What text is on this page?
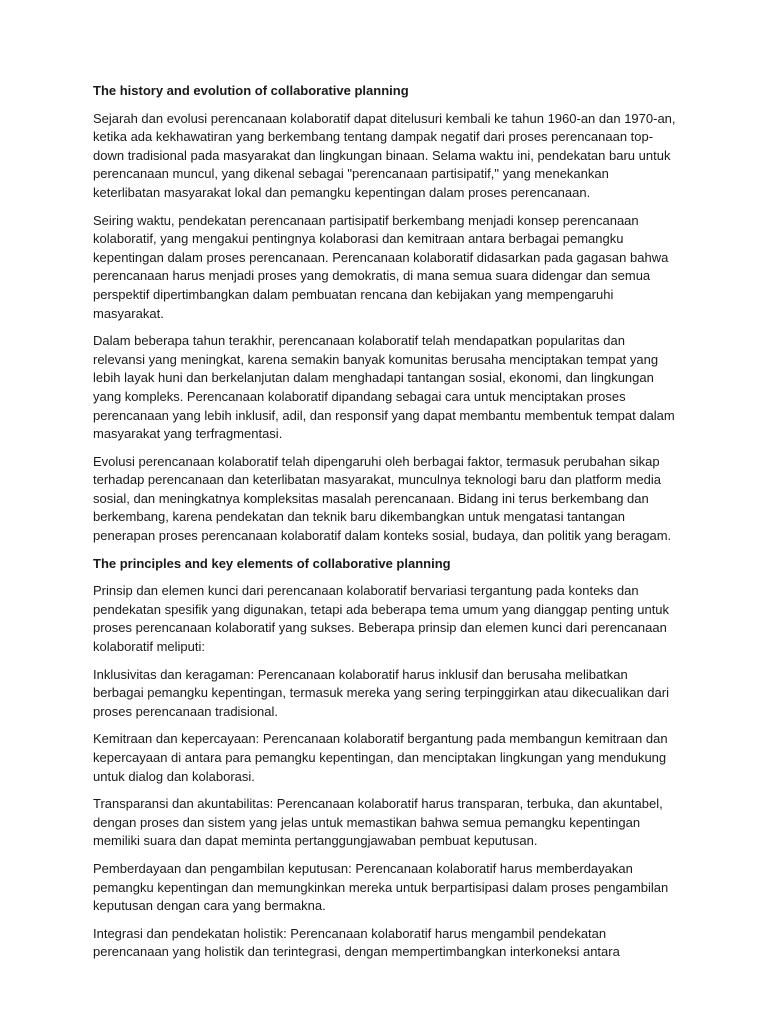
The history and evolution of collaborative planning

Sejarah dan evolusi perencanaan kolaboratif dapat ditelusuri kembali ke tahun 1960-an dan 1970-an, ketika ada kekhawatiran yang berkembang tentang dampak negatif dari proses perencanaan top-down tradisional pada masyarakat dan lingkungan binaan. Selama waktu ini, pendekatan baru untuk perencanaan muncul, yang dikenal sebagai "perencanaan partisipatif," yang menekankan keterlibatan masyarakat lokal dan pemangku kepentingan dalam proses perencanaan.

Seiring waktu, pendekatan perencanaan partisipatif berkembang menjadi konsep perencanaan kolaboratif, yang mengakui pentingnya kolaborasi dan kemitraan antara berbagai pemangku kepentingan dalam proses perencanaan. Perencanaan kolaboratif didasarkan pada gagasan bahwa perencanaan harus menjadi proses yang demokratis, di mana semua suara didengar dan semua perspektif dipertimbangkan dalam pembuatan rencana dan kebijakan yang mempengaruhi masyarakat.

Dalam beberapa tahun terakhir, perencanaan kolaboratif telah mendapatkan popularitas dan relevansi yang meningkat, karena semakin banyak komunitas berusaha menciptakan tempat yang lebih layak huni dan berkelanjutan dalam menghadapi tantangan sosial, ekonomi, dan lingkungan yang kompleks. Perencanaan kolaboratif dipandang sebagai cara untuk menciptakan proses perencanaan yang lebih inklusif, adil, dan responsif yang dapat membantu membentuk tempat dalam masyarakat yang terfragmentasi.

Evolusi perencanaan kolaboratif telah dipengaruhi oleh berbagai faktor, termasuk perubahan sikap terhadap perencanaan dan keterlibatan masyarakat, munculnya teknologi baru dan platform media sosial, dan meningkatnya kompleksitas masalah perencanaan. Bidang ini terus berkembang dan berkembang, karena pendekatan dan teknik baru dikembangkan untuk mengatasi tantangan penerapan proses perencanaan kolaboratif dalam konteks sosial, budaya, dan politik yang beragam.

The principles and key elements of collaborative planning

Prinsip dan elemen kunci dari perencanaan kolaboratif bervariasi tergantung pada konteks dan pendekatan spesifik yang digunakan, tetapi ada beberapa tema umum yang dianggap penting untuk proses perencanaan kolaboratif yang sukses. Beberapa prinsip dan elemen kunci dari perencanaan kolaboratif meliputi:

Inklusivitas dan keragaman: Perencanaan kolaboratif harus inklusif dan berusaha melibatkan berbagai pemangku kepentingan, termasuk mereka yang sering terpinggirkan atau dikecualikan dari proses perencanaan tradisional.

Kemitraan dan kepercayaan: Perencanaan kolaboratif bergantung pada membangun kemitraan dan kepercayaan di antara para pemangku kepentingan, dan menciptakan lingkungan yang mendukung untuk dialog dan kolaborasi.

Transparansi dan akuntabilitas: Perencanaan kolaboratif harus transparan, terbuka, dan akuntabel, dengan proses dan sistem yang jelas untuk memastikan bahwa semua pemangku kepentingan memiliki suara dan dapat meminta pertanggungjawaban pembuat keputusan.

Pemberdayaan dan pengambilan keputusan: Perencanaan kolaboratif harus memberdayakan pemangku kepentingan dan memungkinkan mereka untuk berpartisipasi dalam proses pengambilan keputusan dengan cara yang bermakna.

Integrasi dan pendekatan holistik: Perencanaan kolaboratif harus mengambil pendekatan perencanaan yang holistik dan terintegrasi, dengan mempertimbangkan interkoneksi antara
